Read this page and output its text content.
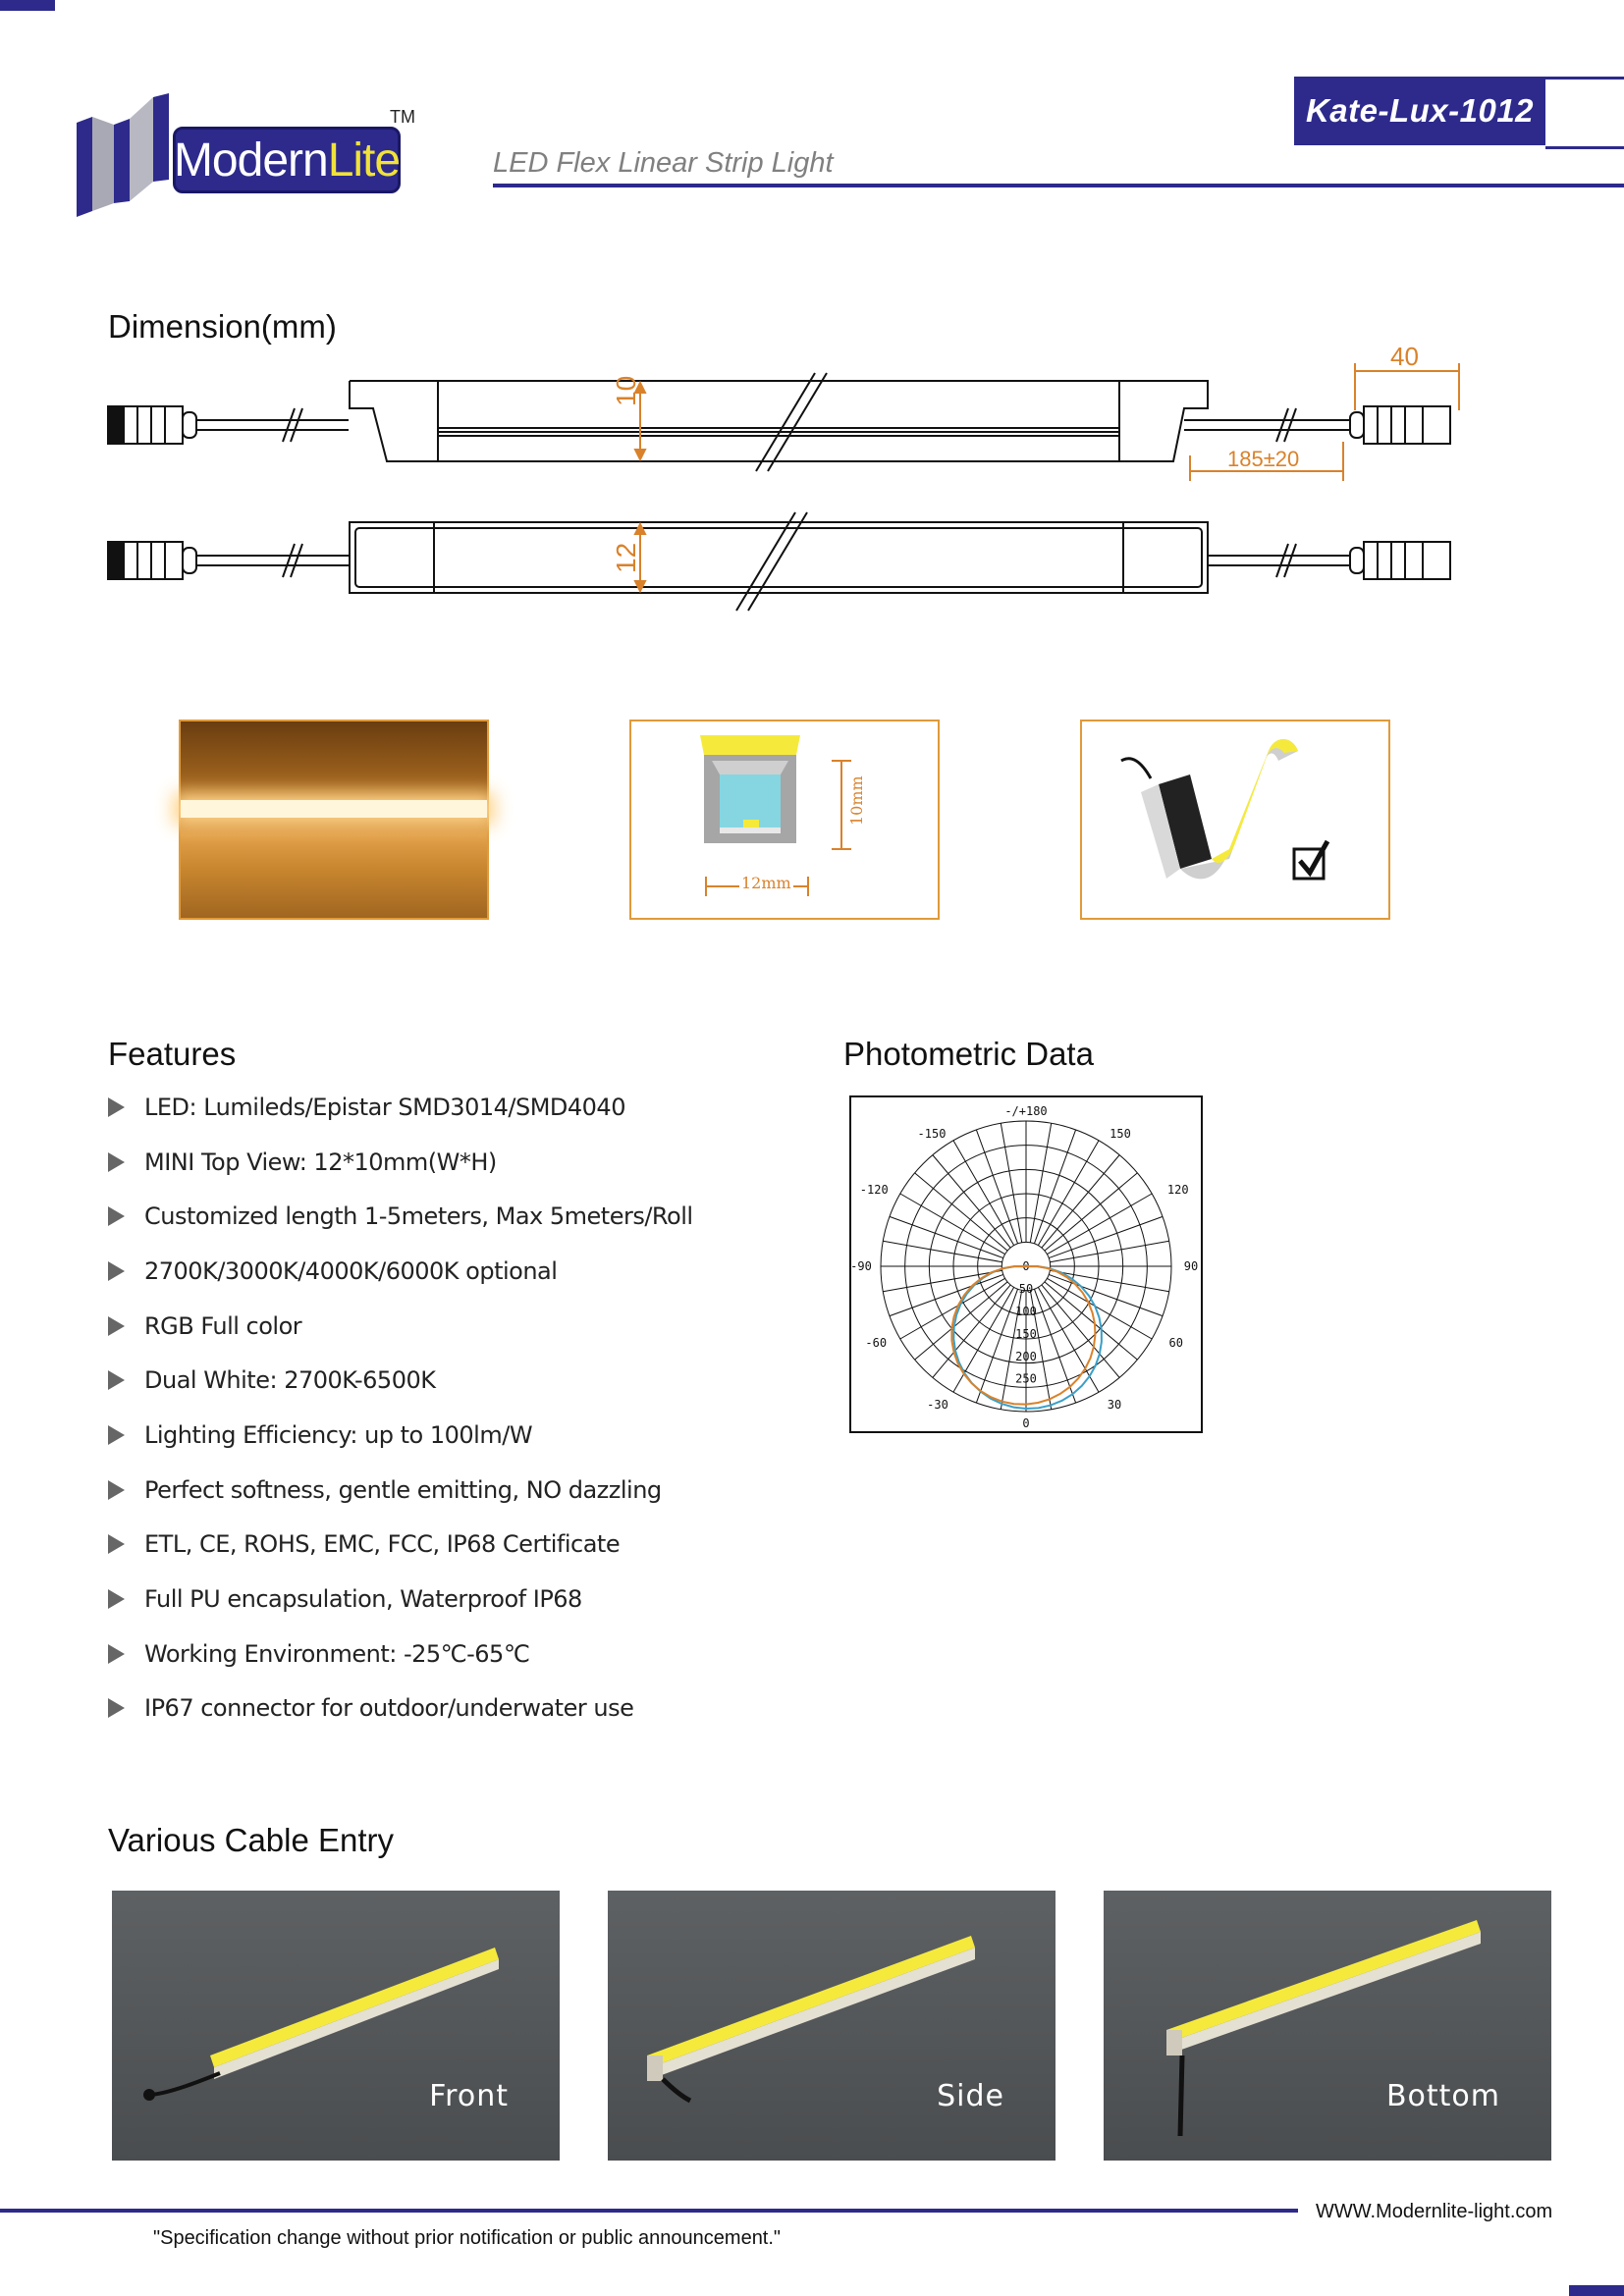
Modern Lite
TM
LED Flex Linear Strip Light
Kate-Lux-1012
Dimension(mm)
10
12
40
185±20
12mm
10mm
Features
LED: Lumileds/Epistar SMD3014/SMD4040
MINI Top View: 12*10mm(W*H)
Customized length 1-5meters, Max 5meters/Roll
2700K/3000K/4000K/6000K optional
RGB Full color
Dual White: 2700K-6500K
Lighting Efficiency: up to 100lm/W
Perfect softness, gentle emitting, NO dazzling
ETL, CE, ROHS, EMC, FCC, IP68 Certificate
Full PU encapsulation, Waterproof IP68
Working Environment: -25℃-65℃
IP67 connector for outdoor/underwater use
Photometric Data
-/+180
-150	150
-120	120
-90	90
-60	60
-30	30
0
0
50
100
150
200
250
Various Cable Entry
Front	Side	Bottom
WWW.Modernlite-light.com
"Specification change without prior notification or public announcement."
